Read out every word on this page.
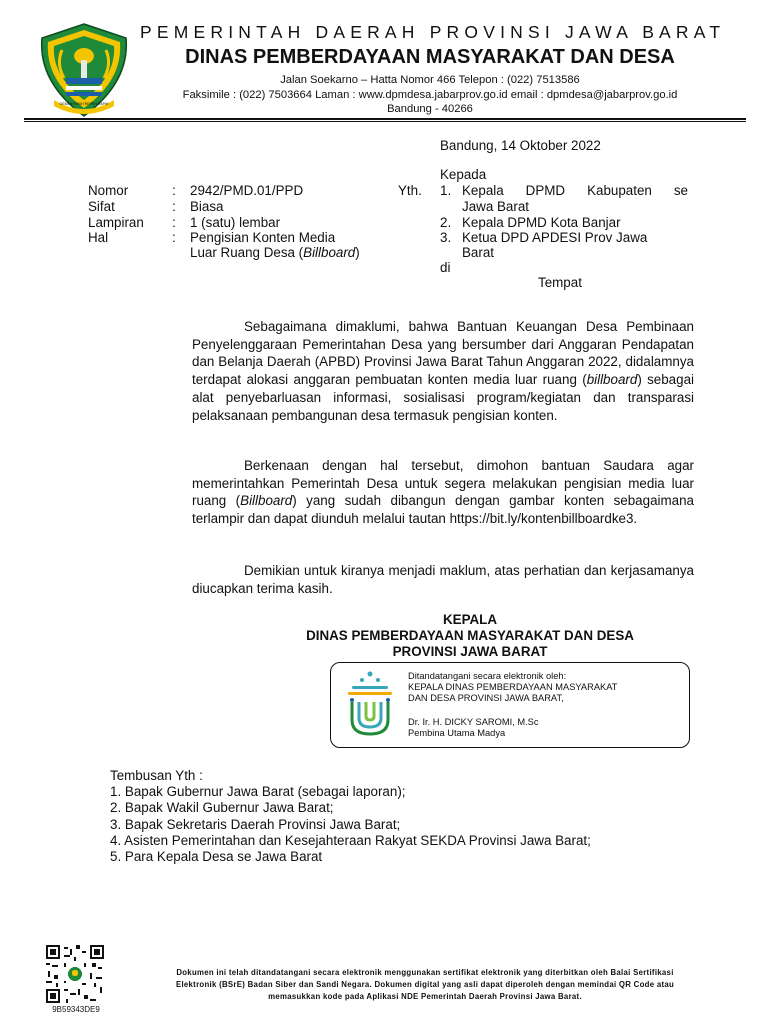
GEMAH RIPAH REPEH RAPIH
PEMERINTAH DAERAH PROVINSI JAWA BARAT
DINAS PEMBERDAYAAN MASYARAKAT DAN DESA
Jalan Soekarno – Hatta Nomor 466 Telepon : (022) 7513586
Faksimile : (022) 7503664 Laman : www.dpmdesa.jabarprov.go.id email : dpmdesa@jabarprov.go.id
Bandung - 40266
Bandung, 14 Oktober 2022
Kepada
Yth. 1. Kepala DPMD Kabupaten se
Jawa Barat
2. Kepala DPMD Kota Banjar
3. Ketua DPD APDESI Prov Jawa
Barat
di
Tempat
Nomor	: 2942/PMD.01/PPD
Sifat	: Biasa
Lampiran : 1 (satu) lembar
Hal	: Pengisian Konten Media
Luar Ruang Desa (Billboard)

Sebagaimana dimaklumi, bahwa Bantuan Keuangan Desa Pembinaan Penyelenggaraan Pemerintahan Desa yang bersumber dari Anggaran Pendapatan dan Belanja Daerah (APBD) Provinsi Jawa Barat Tahun Anggaran 2022, didalamnya terdapat alokasi anggaran pembuatan konten media luar ruang (billboard) sebagai alat penyebarluasan informasi, sosialisasi program/kegiatan dan transparasi pelaksanaan pembangunan desa termasuk pengisian konten.

Berkenaan dengan hal tersebut, dimohon bantuan Saudara agar memerintahkan Pemerintah Desa untuk segera melakukan pengisian media luar ruang (Billboard) yang sudah dibangun dengan gambar konten sebagaimana terlampir dan dapat diunduh melalui tautan https://bit.ly/kontenbillboardke3.

Demikian untuk kiranya menjadi maklum, atas perhatian dan kerjasamanya diucapkan terima kasih.

KEPALA
DINAS PEMBERDAYAAN MASYARAKAT DAN DESA
PROVINSI JAWA BARAT
Ditandatangani secara elektronik oleh:
KEPALA DINAS PEMBERDAYAAN MASYARAKAT
DAN DESA PROVINSI JAWA BARAT,
Dr. Ir. H. DICKY SAROMI, M.Sc
Pembina Utama Madya
Tembusan Yth :
1. Bapak Gubernur Jawa Barat (sebagai laporan);
2. Bapak Wakil Gubernur Jawa Barat;
3. Bapak Sekretaris Daerah Provinsi Jawa Barat;
4. Asisten Pemerintahan dan Kesejahteraan Rakyat SEKDA Provinsi Jawa Barat;
5. Para Kepala Desa se Jawa Barat
9B59343DE9
Dokumen ini telah ditandatangani secara elektronik menggunakan sertifikat elektronik yang diterbitkan oleh Balai Sertifikasi
Elektronik (BSrE) Badan Siber dan Sandi Negara. Dokumen digital yang asli dapat diperoleh dengan memindai QR Code atau
memasukkan kode pada Aplikasi NDE Pemerintah Daerah Provinsi Jawa Barat.
